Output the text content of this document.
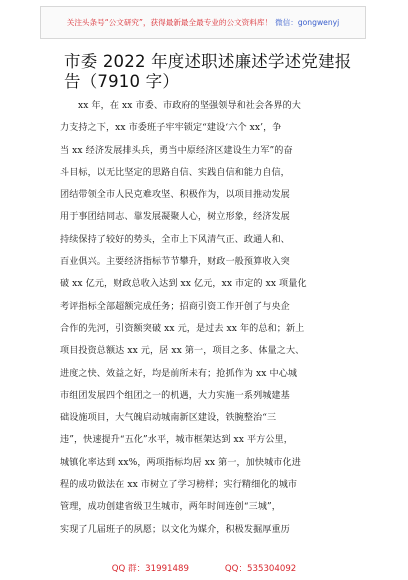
关注头条号“公文研究”，获得最新最全最专业的公文资料库！ 微信：gongwenyj
市委 2022 年度述职述廉述学述党建报告（7910 字）
xx 年，在 xx 市委、市政府的坚强领导和社会各界的大
力支持之下，xx 市委班子牢牢锁定“建设‘六个 xx’，争
当 xx 经济发展排头兵，勇当中原经济区建设生力军”的奋
斗目标，以无比坚定的思路自信、实践自信和能力自信，
团结带领全市人民克难攻坚、积极作为，以项目推动发展
用于事团结同志、靠发展凝聚人心，树立形象，经济发展
持续保持了较好的势头，全市上下风清气正、政通人和、
百业俱兴。主要经济指标节节攀升，财政一般预算收入突
破 xx 亿元，财政总收入达到 xx 亿元，xx 市定的 xx 项量化
考评指标全部超额完成任务；招商引资工作开创了与央企
合作的先河，引资额突破 xx 元，是过去 xx 年的总和；新上
项目投资总额达 xx 元，居 xx 第一，项目之多、体量之大、
进度之快、效益之好，均是前所未有；抢抓作为 xx 中心城
市组团发展四个组团之一的机遇，大力实施一系列城建基
础设施项目，大气魄启动城南新区建设，铁腕整治“三
违”，快速提升“五化”水平，城市框架达到 xx 平方公里，
城镇化率达到 xx%，两项指标均居 xx 第一，加快城市化进
程的成功做法在 xx 市树立了学习榜样；实行精细化的城市
管理，成功创建省级卫生城市，两年时间连创“三城”，
实现了几届班子的夙愿；以文化为媒介，积极发掘厚重历
QQ 群：31991489	QQ：535304092
